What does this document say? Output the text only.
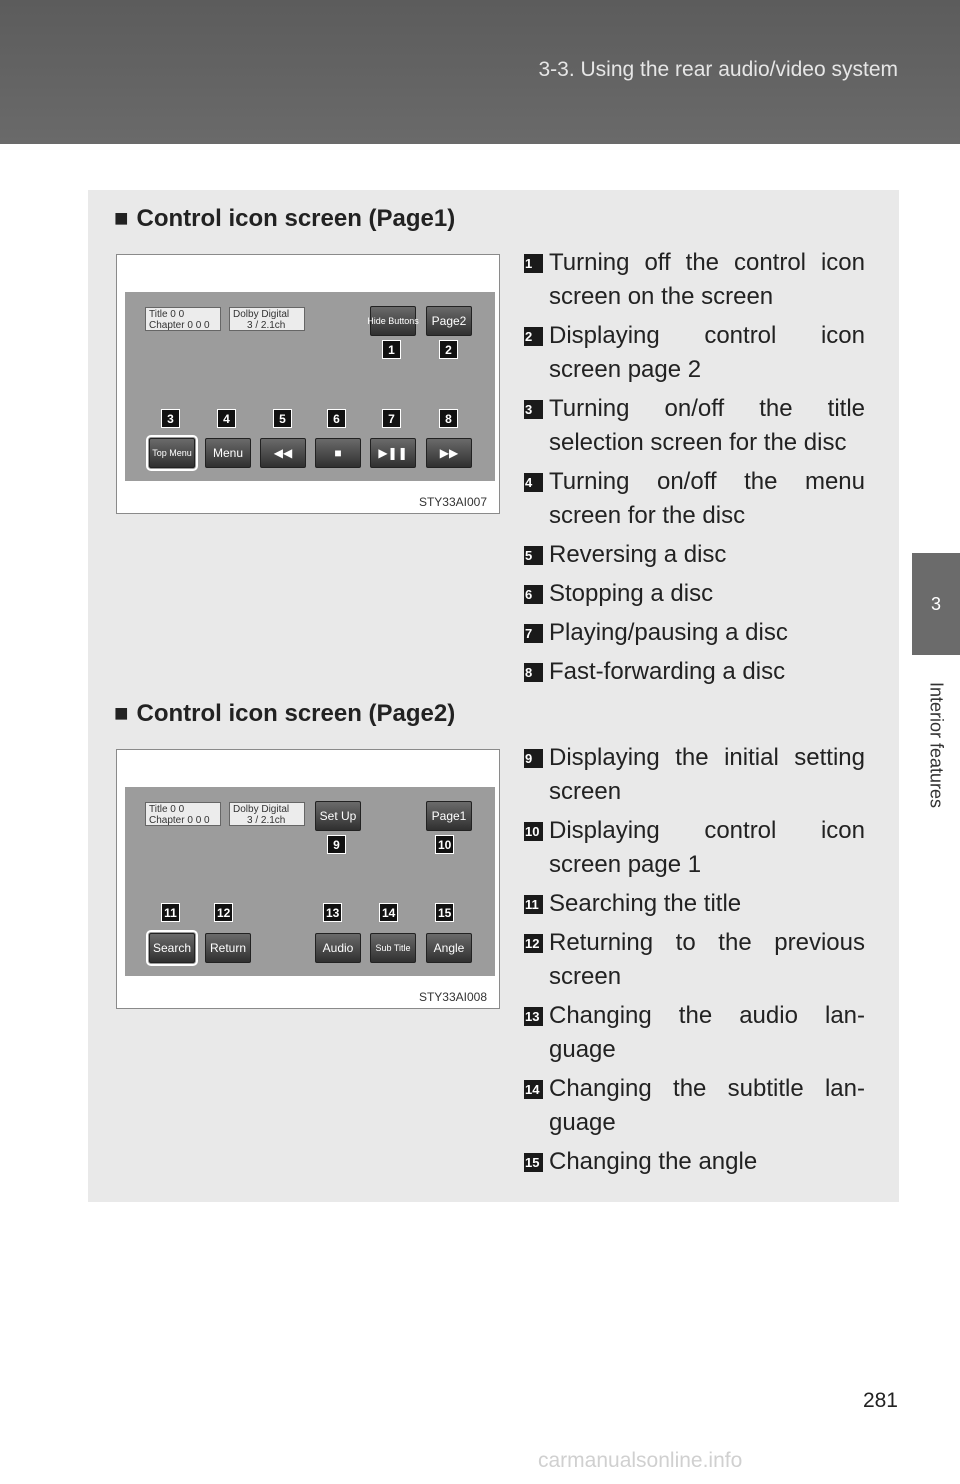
3-3. Using the rear audio/video system
3
Interior features
■ Control icon screen (Page1)
Title 0 0
Chapter 0 0 0
Dolby Digital
3 / 2.1ch	Hide Buttons	Page2
1	2
3	4	5	6	7	8
Top Menu	Menu	◀◀	■	▶❚❚	▶▶
STY33AI007
1 Turning off the control icon screen on the screen
2 Displaying control icon screen page 2
3 Turning on/off the title selection screen for the disc
4 Turning on/off the menu screen for the disc
5 Reversing a disc
6 Stopping a disc
7 Playing/pausing a disc
8 Fast-forwarding a disc
■ Control icon screen (Page2)
Title 0 0
Chapter 0 0 0
Dolby Digital
3 / 2.1ch	Set Up	Page1
9	10
11	12	13	14	15
Search	Return	Audio	Sub Title	Angle
STY33AI008
9 Displaying the initial setting screen
10 Displaying control icon screen page 1
11 Searching the title
12 Returning to the previous screen
13 Changing the audio lan-guage
14 Changing the subtitle lan-guage
15 Changing the angle
281
carmanualsonline.info
